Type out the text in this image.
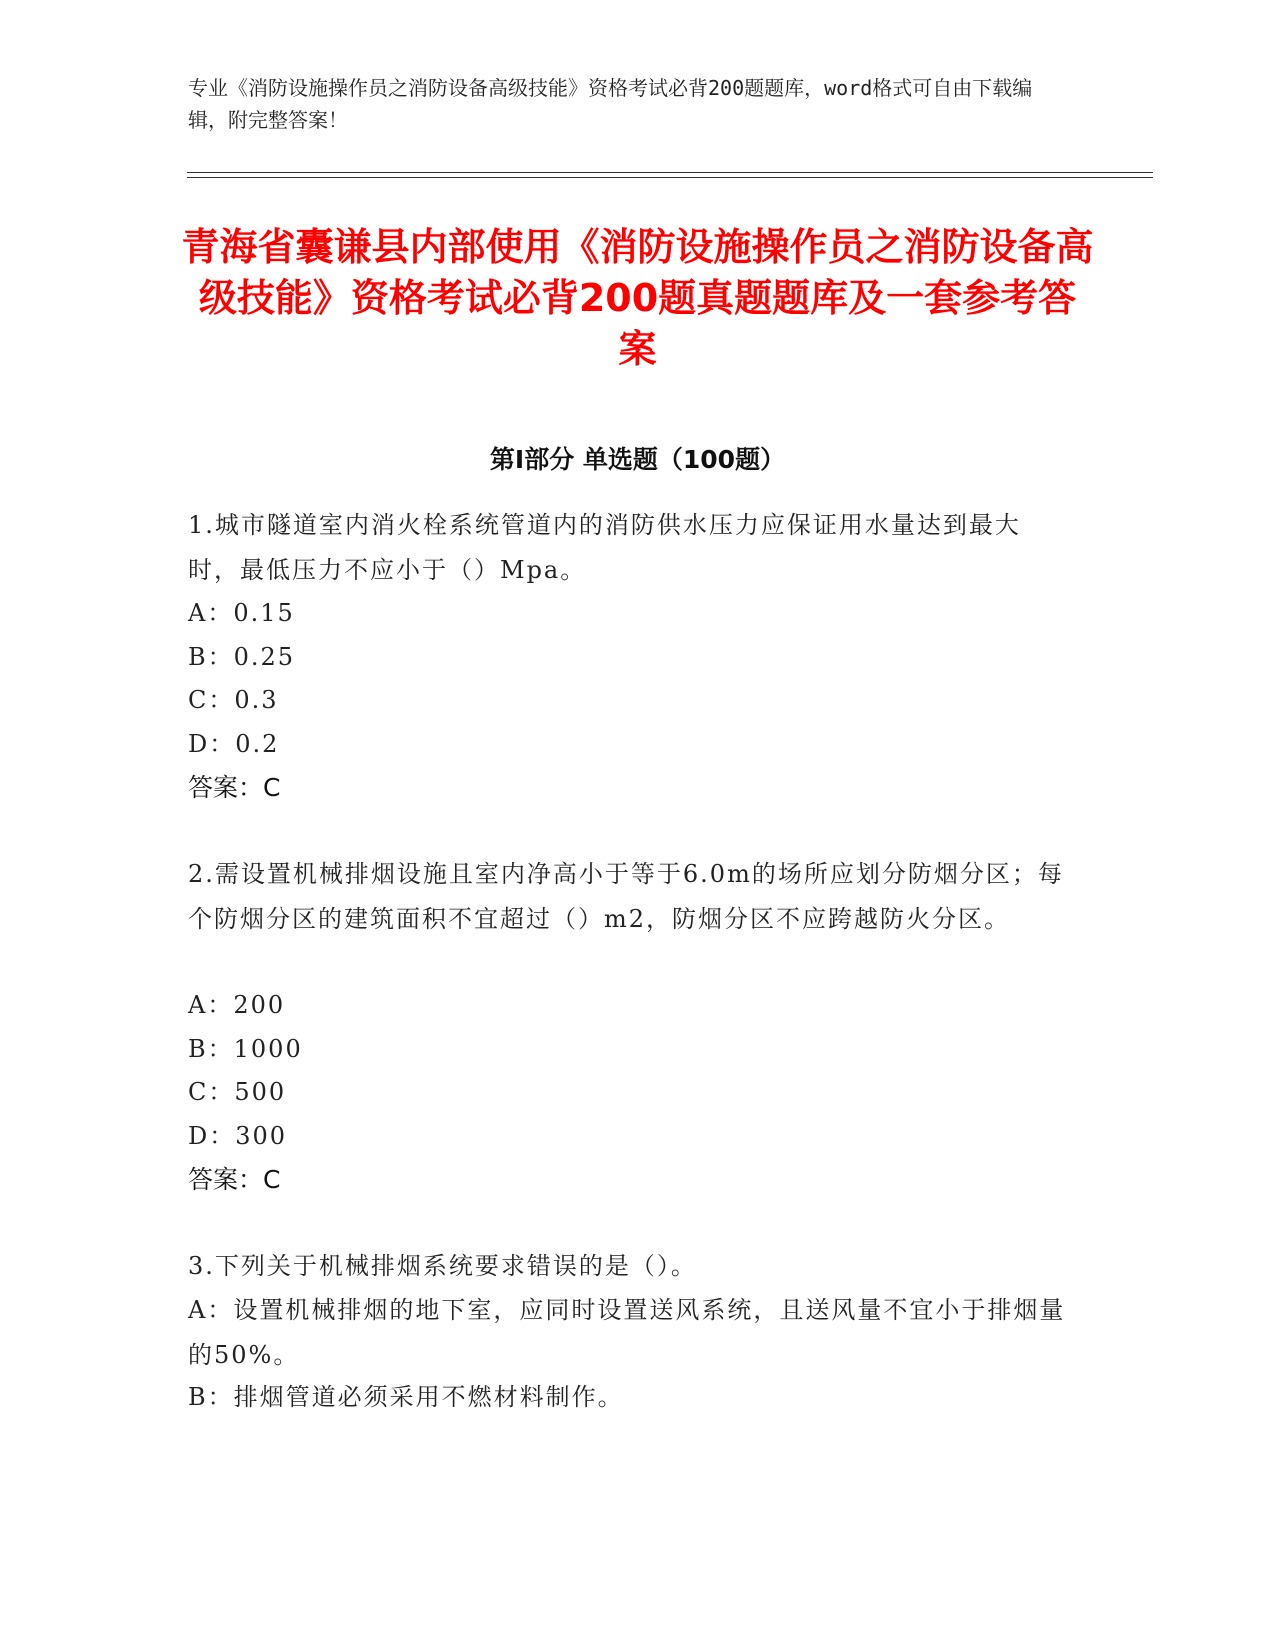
专业《消防设施操作员之消防设备高级技能》资格考试必背200题题库，word格式可自由下载编辑，附完整答案！
青海省囊谦县内部使用《消防设施操作员之消防设备高级技能》资格考试必背200题真题题库及一套参考答案
第Ⅰ部分 单选题（100题）
1.城市隧道室内消火栓系统管道内的消防供水压力应保证用水量达到最大时，最低压力不应小于（）Mpa。
A：0.15
B：0.25
C：0.3
D：0.2
答案：C
2.需设置机械排烟设施且室内净高小于等于6.0m的场所应划分防烟分区；每个防烟分区的建筑面积不宜超过（）m2，防烟分区不应跨越防火分区。
A：200
B：1000
C：500
D：300
答案：C
3.下列关于机械排烟系统要求错误的是（）。
A：设置机械排烟的地下室，应同时设置送风系统，且送风量不宜小于排烟量的50%。
B：排烟管道必须采用不燃材料制作。
